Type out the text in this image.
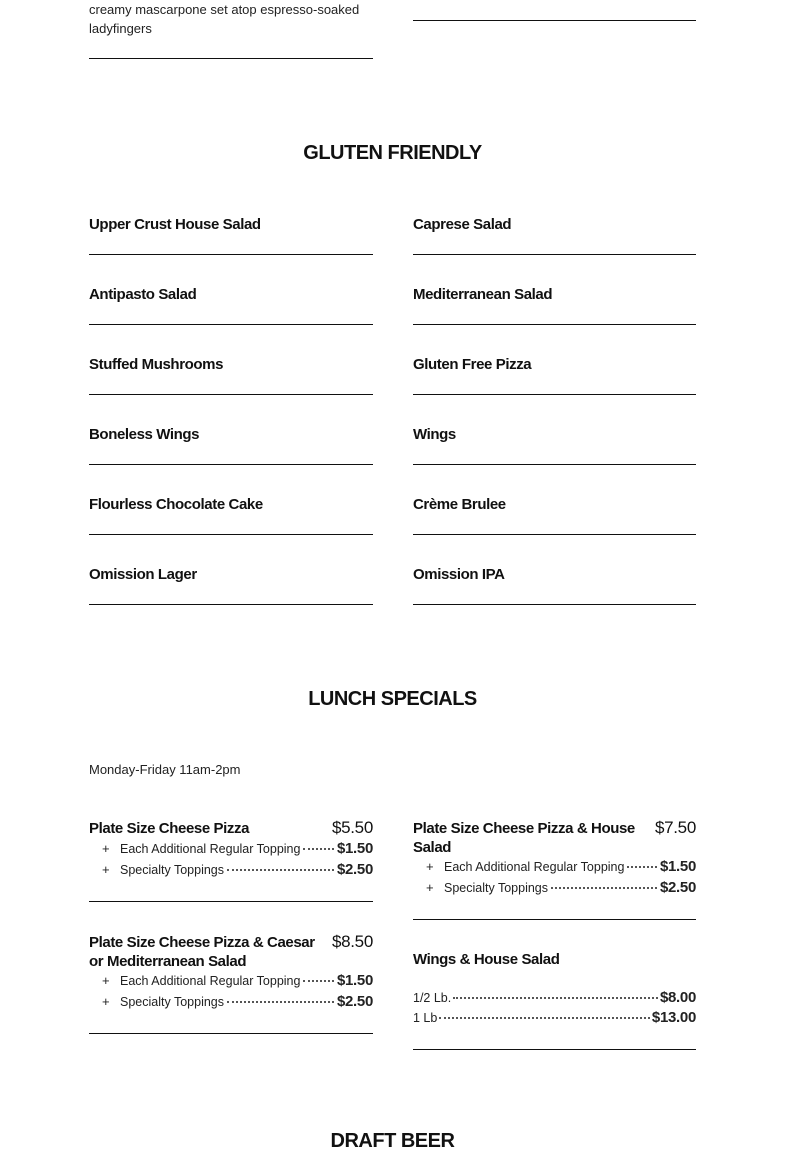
creamy mascarpone set atop espresso-soaked ladyfingers
GLUTEN FRIENDLY
Upper Crust House Salad	Caprese Salad
Antipasto Salad	Mediterranean Salad
Stuffed Mushrooms	Gluten Free Pizza
Boneless Wings	Wings
Flourless Chocolate Cake	Crème Brulee
Omission Lager	Omission IPA
LUNCH SPECIALS
Monday-Friday 11am-2pm
Plate Size Cheese Pizza	$5.50
+ Each Additional Regular Topping $1.50
+ Specialty Toppings	$2.50
Plate Size Cheese Pizza & House Salad
$7.50
+ Each Additional Regular Topping $1.50
+ Specialty Toppings	$2.50
Plate Size Cheese Pizza & Caesar or Mediterranean Salad
$8.50
+ Each Additional Regular Topping $1.50
+ Specialty Toppings	$2.50
Wings & House Salad
1/2 Lb.	$8.00
1 Lb	$13.00
DRAFT BEER
